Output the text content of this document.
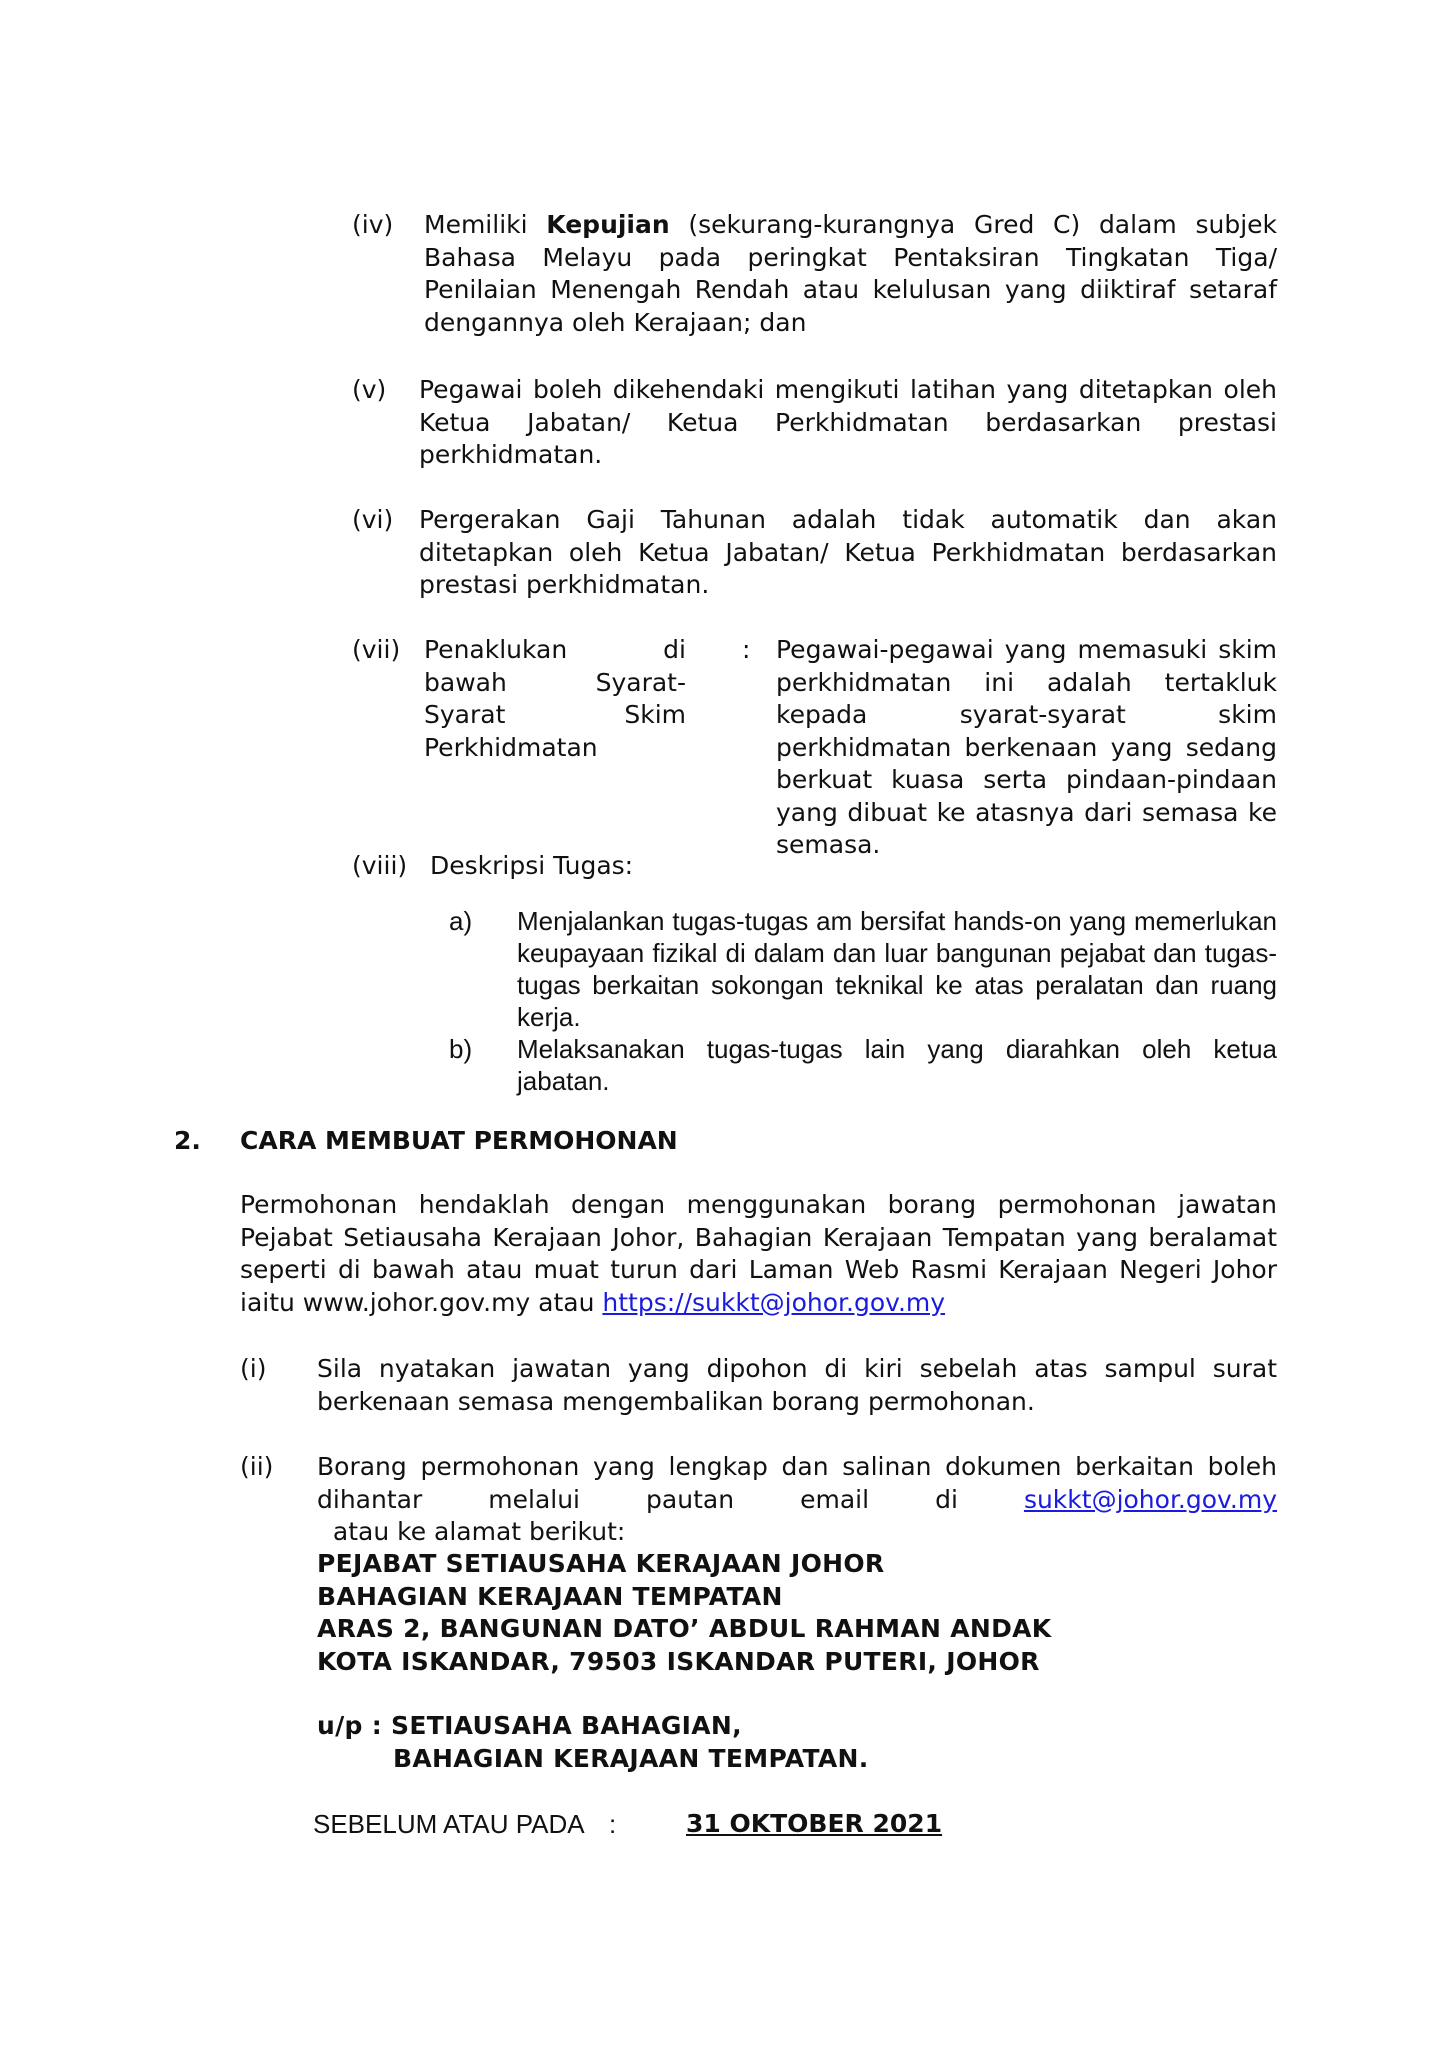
(iv) Memiliki Kepujian (sekurang-kurangnya Gred C) dalam subjek Bahasa Melayu pada peringkat Pentaksiran Tingkatan Tiga/ Penilaian Menengah Rendah atau kelulusan yang diiktiraf setaraf dengannya oleh Kerajaan; dan
(v) Pegawai boleh dikehendaki mengikuti latihan yang ditetapkan oleh Ketua Jabatan/ Ketua Perkhidmatan berdasarkan prestasi perkhidmatan.
(vi) Pergerakan Gaji Tahunan adalah tidak automatik dan akan ditetapkan oleh Ketua Jabatan/ Ketua Perkhidmatan berdasarkan prestasi perkhidmatan.
(vii) Penaklukan di bawah Syarat- Syarat Skim Perkhidmatan
: Pegawai-pegawai yang memasuki skim perkhidmatan ini adalah tertakluk kepada syarat-syarat skim perkhidmatan berkenaan yang sedang berkuat kuasa serta pindaan-pindaan yang dibuat ke atasnya dari semasa ke semasa.
(viii) Deskripsi Tugas:
a) Menjalankan tugas-tugas am bersifat hands-on yang memerlukan keupayaan fizikal di dalam dan luar bangunan pejabat dan tugas-tugas berkaitan sokongan teknikal ke atas peralatan dan ruang kerja.
b) Melaksanakan tugas-tugas lain yang diarahkan oleh ketua jabatan.
2. CARA MEMBUAT PERMOHONAN
Permohonan hendaklah dengan menggunakan borang permohonan jawatan Pejabat Setiausaha Kerajaan Johor, Bahagian Kerajaan Tempatan yang beralamat seperti di bawah atau muat turun dari Laman Web Rasmi Kerajaan Negeri Johor iaitu www.johor.gov.my atau https://sukkt@johor.gov.my
(i) Sila nyatakan jawatan yang dipohon di kiri sebelah atas sampul surat berkenaan semasa mengembalikan borang permohonan.
(ii) Borang permohonan yang lengkap dan salinan dokumen berkaitan boleh dihantar melalui pautan email di sukkt@johor.gov.my  atau ke alamat berikut:
PEJABAT SETIAUSAHA KERAJAAN JOHOR
BAHAGIAN KERAJAAN TEMPATAN
ARAS 2, BANGUNAN DATO’ ABDUL RAHMAN ANDAK
KOTA ISKANDAR, 79503 ISKANDAR PUTERI, JOHOR
u/p : SETIAUSAHA BAHAGIAN,
BAHAGIAN KERAJAAN TEMPATAN.
SEBELUM ATAU PADA :	31 OKTOBER 2021
